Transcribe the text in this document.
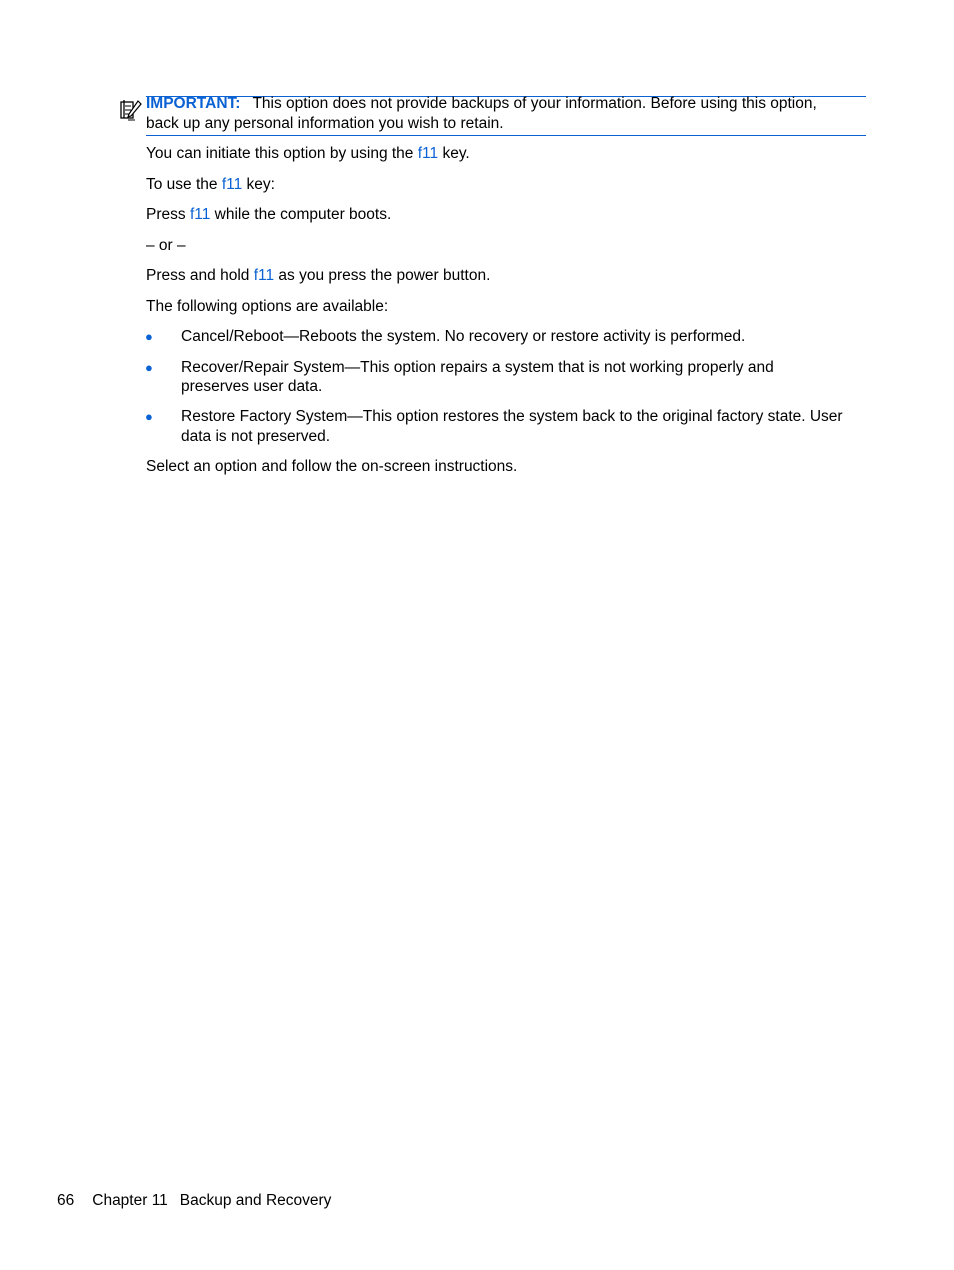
IMPORTANT: This option does not provide backups of your information. Before using this option,
back up any personal information you wish to retain.
You can initiate this option by using the f11 key.
To use the f11 key:
Press f11 while the computer boots.
– or –
Press and hold f11 as you press the power button.
The following options are available:
● Cancel/Reboot—Reboots the system. No recovery or restore activity is performed.
● Recover/Repair System—This option repairs a system that is not working properly and
preserves user data.
● Restore Factory System—This option restores the system back to the original factory state. User
data is not preserved.
Select an option and follow the on-screen instructions.
66 Chapter 11 Backup and Recovery
